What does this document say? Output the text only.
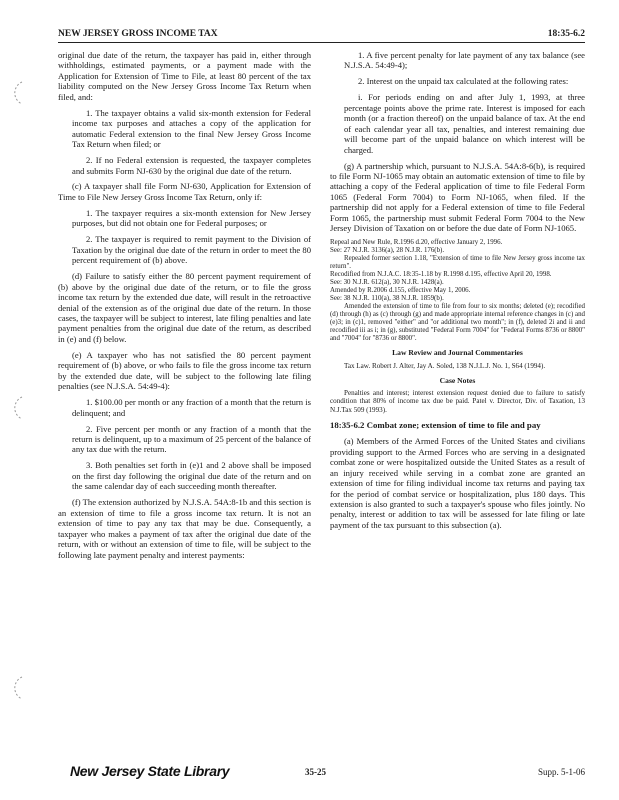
NEW JERSEY GROSS INCOME TAX	18:35-6.2

original due date of the return, the taxpayer has paid in, either through withholdings, estimated payments, or a payment made with the Application for Extension of Time to File, at least 80 percent of the tax liability computed on the New Jersey Gross Income Tax Return when filed, and:

1. The taxpayer obtains a valid six-month extension for Federal income tax purposes and attaches a copy of the application for automatic Federal extension to the final New Jersey Gross Income Tax Return when filed; or

2. If no Federal extension is requested, the taxpayer completes and submits Form NJ-630 by the original due date of the return.

(c) A taxpayer shall file Form NJ-630, Application for Extension of Time to File New Jersey Gross Income Tax Return, only if:

1. The taxpayer requires a six-month extension for New Jersey purposes, but did not obtain one for Federal purposes; or

2. The taxpayer is required to remit payment to the Division of Taxation by the original due date of the return in order to meet the 80 percent requirement of (b) above.

(d) Failure to satisfy either the 80 percent payment requirement of (b) above by the original due date of the return, or to file the gross income tax return by the extended due date, will result in the retroactive denial of the extension as of the original due date of the return. In those cases, the taxpayer will be subject to interest, late filing penalties and late payment penalties from the original due date of the return, as described in (e) and (f) below.

(e) A taxpayer who has not satisfied the 80 percent payment requirement of (b) above, or who fails to file the gross income tax return by the extended due date, will be subject to the following late filing penalties (see N.J.S.A. 54:49-4):

1. $100.00 per month or any fraction of a month that the return is delinquent; and

2. Five percent per month or any fraction of a month that the return is delinquent, up to a maximum of 25 percent of the balance of any tax due with the return.

3. Both penalties set forth in (e)1 and 2 above shall be imposed on the first day following the original due date of the return and on the same calendar day of each succeeding month thereafter.

(f) The extension authorized by N.J.S.A. 54A:8-1b and this section is an extension of time to file a gross income tax return. It is not an extension of time to pay any tax that may be due. Consequently, a taxpayer who makes a payment of tax after the original due date of the return, with or without an extension of time to file, will be subject to the following late payment penalty and interest payments:

1. A five percent penalty for late payment of any tax balance (see N.J.S.A. 54:49-4);

2. Interest on the unpaid tax calculated at the following rates:

i. For periods ending on and after July 1, 1993, at three percentage points above the prime rate. Interest is imposed for each month (or a fraction thereof) on the unpaid balance of tax. At the end of each calendar year all tax, penalties, and interest remaining due will become part of the unpaid balance on which interest will be charged.

(g) A partnership which, pursuant to N.J.S.A. 54A:8-6(b), is required to file Form NJ-1065 may obtain an automatic extension of time to file by attaching a copy of the Federal application of time to file Federal Form 1065 (Federal Form 7004) to Form NJ-1065, when filed. If the partnership did not apply for a Federal extension of time to file Federal Form 1065, the partnership must submit Federal Form 7004 to the New Jersey Division of Taxation on or before the due date of Form NJ-1065.

Repeal and New Rule, R.1996 d.20, effective January 2, 1996.

See: 27 N.J.R. 3136(a), 28 N.J.R. 176(b).

Repealed former section 1.18, "Extension of time to file New Jersey gross income tax return".

Recodified from N.J.A.C. 18:35-1.18 by R.1998 d.195, effective April 20, 1998.

See: 30 N.J.R. 612(a), 30 N.J.R. 1428(a).

Amended by R.2006 d.155, effective May 1, 2006.

See: 38 N.J.R. 110(a), 38 N.J.R. 1859(b).

Amended the extension of time to file from four to six months; deleted (e); recodified (d) through (h) as (c) through (g) and made appropriate internal reference changes in (c) and (e)3; in (c)1, removed "either" and "or additional two month"; in (f), deleted 2i and ii and recodified iii as i; in (g), substituted "Federal Form 7004" for "Federal Forms 8736 or 8800" and "7004" for "8736 or 8800".

Law Review and Journal Commentaries

Tax Law. Robert J. Alter, Jay A. Soled, 138 N.J.L.J. No. 1, S64 (1994).

Case Notes

Penalties and interest; interest extension request denied due to failure to satisfy condition that 80% of income tax due be paid. Patel v. Director, Div. of Taxation, 13 N.J.Tax 509 (1993).

18:35-6.2 Combat zone; extension of time to file and pay

(a) Members of the Armed Forces of the United States and civilians providing support to the Armed Forces who are serving in a designated combat zone or were hospitalized outside the United States as a result of an injury received while serving in a combat zone are granted an extension of time for filing individual income tax returns and paying tax for the period of combat service or hospitalization, plus 180 days. This extension is also granted to such a taxpayer's spouse who files jointly. No penalty, interest or addition to tax will be assessed for late filing or late payment of the tax pursuant to this subsection (a).

New Jersey State Library	35-25	Supp. 5-1-06
